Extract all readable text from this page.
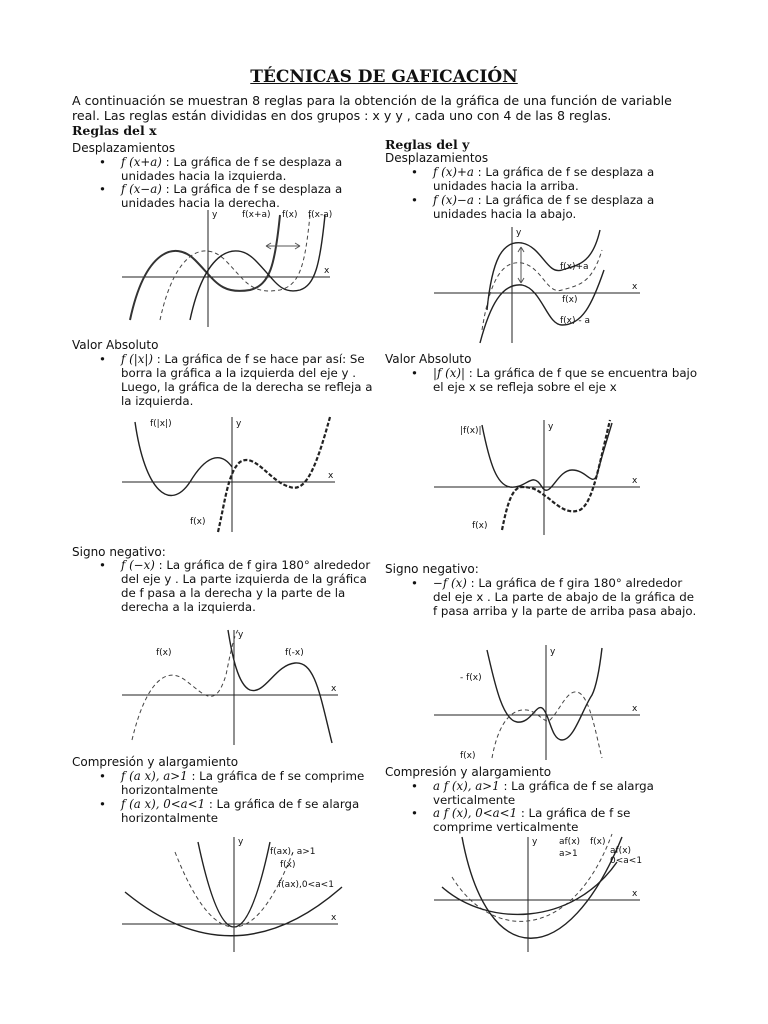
TÉCNICAS DE GAFICACIÓN
A continuación se muestran 8 reglas para la obtención de la gráfica de una función de variable real. Las reglas están divididas en dos grupos : x y y , cada uno con 4 de las 8 reglas.
Reglas del x
Desplazamientos
• f (x+a) : La gráfica de f se desplaza a unidades hacia la izquierda.
• f (x−a) : La gráfica de f se desplaza a unidades hacia la derecha.
x
y	f(x+a) f(x) f(x-a)
Valor Absoluto
• f (|x|) : La gráfica de f se hace par así: Se borra la gráfica a la izquierda del eje y . Luego, la gráfica de la derecha se refleja a la izquierda.
x
y
f(|x|)
f(x)
Signo negativo:
• f (−x) : La gráfica de f gira 180° alrededor del eje y . La parte izquierda de la gráfica de f pasa a la derecha y la parte de la derecha a la izquierda.
x
y
f(x)	f(-x)
Compresión y alargamiento
• f (a x), a>1 : La gráfica de f se comprime horizontalmente
• f (a x), 0<a<1 : La gráfica de f se alarga horizontalmente
x
y
f(ax), a>1
f(x)
f(ax),0<a<1
Reglas del y
Desplazamientos
• f (x)+a : La gráfica de f se desplaza a unidades hacia la arriba.
• f (x)−a : La gráfica de f se desplaza a unidades hacia la abajo.
x
y
f(x)+a
f(x)
f(x) - a
Valor Absoluto
• |f (x)| : La gráfica de f que se encuentra bajo el eje x se refleja sobre el eje x
x
y
|f(x)|
f(x)
Signo negativo:
• −f (x) : La gráfica de f gira 180° alrededor del eje x . La parte de abajo de la gráfica de f pasa arriba y la parte de arriba pasa abajo.
x
y
- f(x)
f(x)
Compresión y alargamiento
• a f (x), a>1 : La gráfica de f se alarga verticalmente
• a f (x), 0<a<1 : La gráfica de f se comprime verticalmente
x
y af(x)
a>1
f(x)
af(x)
0<a<1
